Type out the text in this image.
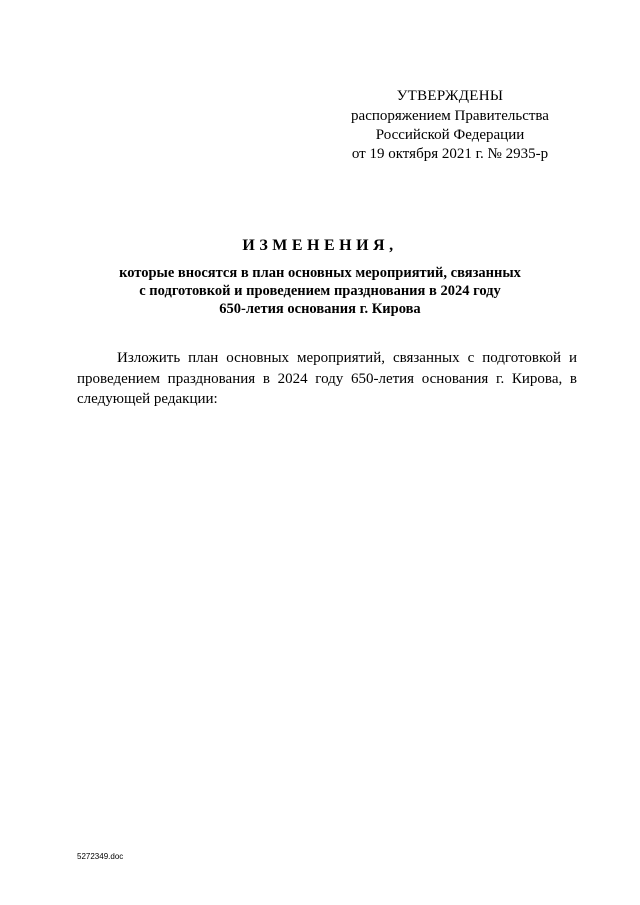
УТВЕРЖДЕНЫ
распоряжением Правительства
Российской Федерации
от 19 октября 2021 г. № 2935-р
ИЗМЕНЕНИЯ,
которые вносятся в план основных мероприятий, связанных
с подготовкой и проведением празднования в 2024 году
650-летия основания г. Кирова

Изложить план основных мероприятий, связанных с подготовкой и проведением празднования в 2024 году 650-летия основания г. Кирова, в следующей редакции:

5272349.doc
